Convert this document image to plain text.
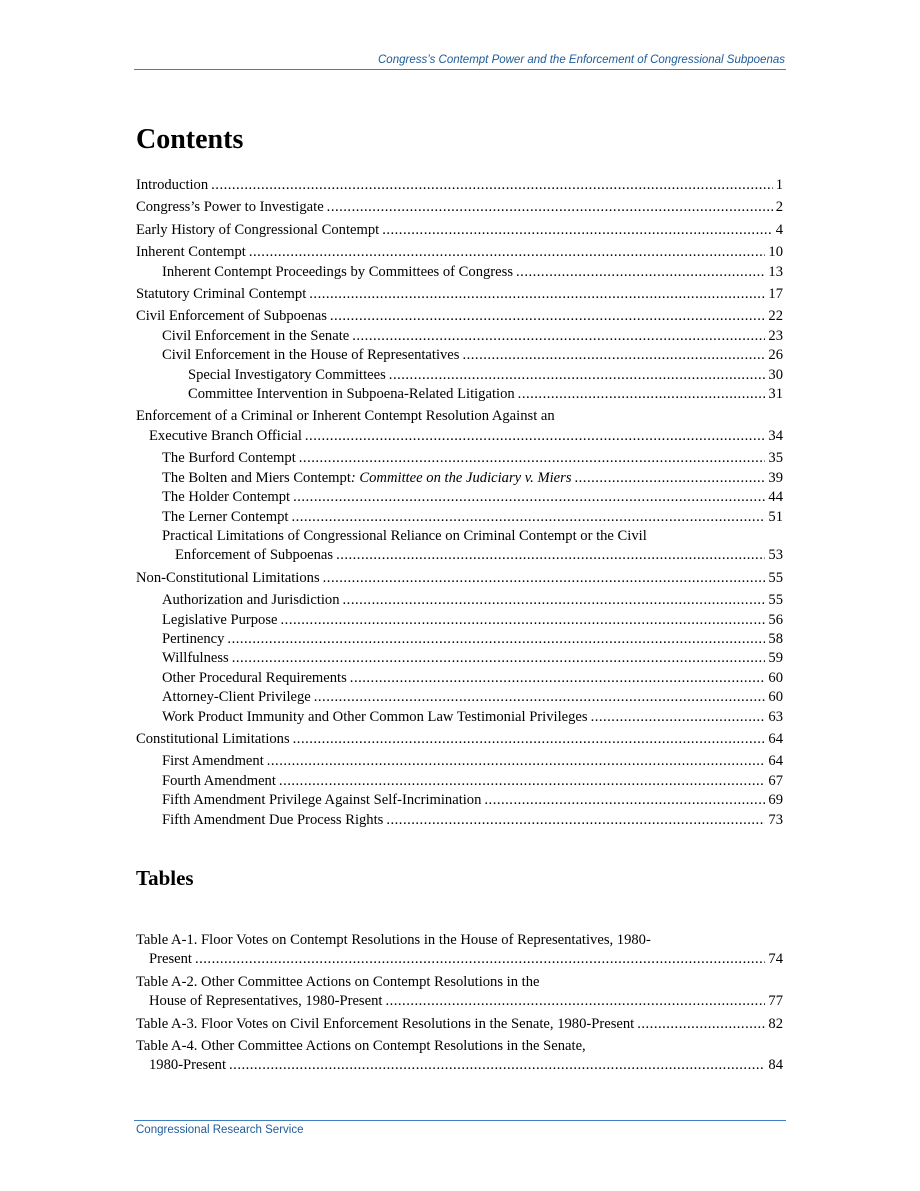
Congress’s Contempt Power and the Enforcement of Congressional Subpoenas
Contents
Introduction .....	1
Congress’s Power to Investigate .....	2
Early History of Congressional Contempt .....	4
Inherent Contempt .....	10
Inherent Contempt Proceedings by Committees of Congress .....	13
Statutory Criminal Contempt .....	17
Civil Enforcement of Subpoenas .....	22
Civil Enforcement in the Senate .....	23
Civil Enforcement in the House of Representatives .....	26
Special Investigatory Committees .....	30
Committee Intervention in Subpoena-Related Litigation .....	31

Enforcement of a Criminal or Inherent Contempt Resolution Against an

Executive Branch Official .....	34
The Burford Contempt .....	35
The Bolten and Miers Contempt: Committee on the Judiciary v. Miers .....	39
The Holder Contempt .....	44
The Lerner Contempt .....	51

Practical Limitations of Congressional Reliance on Criminal Contempt or the Civil

Enforcement of Subpoenas .....	53
Non-Constitutional Limitations .....	55
Authorization and Jurisdiction .....	55
Legislative Purpose .....	56
Pertinency .....	58
Willfulness .....	59
Other Procedural Requirements .....	60
Attorney-Client Privilege .....	60
Work Product Immunity and Other Common Law Testimonial Privileges .....	63
Constitutional Limitations .....	64
First Amendment .....	64
Fourth Amendment .....	67
Fifth Amendment Privilege Against Self-Incrimination .....	69
Fifth Amendment Due Process Rights .....	73
Tables

Table A-1. Floor Votes on Contempt Resolutions in the House of Representatives, 1980-

Present .....	74

Table A-2. Other Committee Actions on Contempt Resolutions in the

House of Representatives, 1980-Present .....	77
Table A-3. Floor Votes on Civil Enforcement Resolutions in the Senate, 1980-Present .....	82

Table A-4. Other Committee Actions on Contempt Resolutions in the Senate,

1980-Present .....	84
Congressional Research Service
